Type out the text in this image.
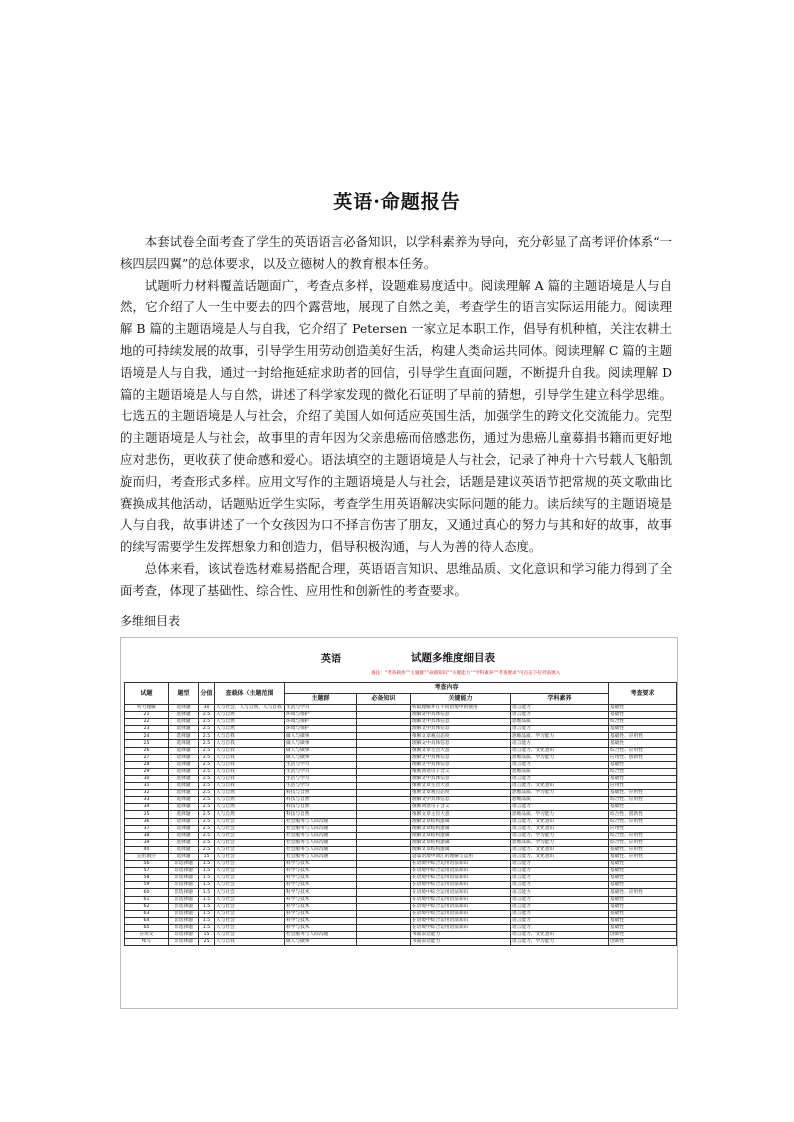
英语·命题报告

本套试卷全面考查了学生的英语语言必备知识，以学科素养为导向，充分彰显了高考评价体系“一核四层四翼”的总体要求，以及立德树人的教育根本任务。

试题听力材料覆盖话题面广，考查点多样，设题难易度适中。阅读理解 A 篇的主题语境是人与自然，它介绍了人一生中要去的四个露营地，展现了自然之美，考查学生的语言实际运用能力。阅读理解 B 篇的主题语境是人与自我，它介绍了 Petersen 一家立足本职工作，倡导有机种植，关注农耕土地的可持续发展的故事，引导学生用劳动创造美好生活，构建人类命运共同体。阅读理解 C 篇的主题语境是人与自我，通过一封给拖延症求助者的回信，引导学生直面问题，不断提升自我。阅读理解 D 篇的主题语境是人与自然，讲述了科学家发现的微化石证明了早前的猜想，引导学生建立科学思维。七选五的主题语境是人与社会，介绍了美国人如何适应英国生活，加强学生的跨文化交流能力。完型的主题语境是人与社会，故事里的青年因为父亲患癌而倍感悲伤，通过为患癌儿童募捐书籍而更好地应对悲伤，更收获了使命感和爱心。语法填空的主题语境是人与社会，记录了神舟十六号载人飞船凯旋而归，考查形式多样。应用文写作的主题语境是人与社会，话题是建议英语节把常规的英文歌曲比赛换成其他活动，话题贴近学生实际，考查学生用英语解决实际问题的能力。读后续写的主题语境是人与自我，故事讲述了一个女孩因为口不择言伤害了朋友，又通过真心的努力与其和好的故事，故事的续写需要学生发挥想象力和创造力，倡导积极沟通，与人为善的待人态度。

总体来看，该试卷选材难易搭配合理，英语语言知识、思维品质、文化意识和学习能力得到了全面考查，体现了基础性、综合性、应用性和创新性的考查要求。

多维细目表
英语	试题多维度细目表
备注：“考查载体”“主题群”“命题知识”“关键能力”“学科素养”“考查要求”可点击下拉列表填入
试题	题型	分值	查载体（主题范围	考查内容				考查要求
				主题群	必备知识	关键能力	学科素养	
听力理解	选择题	30	人与社会、人与自然、人与自我	生活与学习		听取理解并在不同语境中的使用	语言能力	基础性
21	选择题	2.5	人与自然	环境与保护		理解文中具体信息	语言能力	基础性
22	选择题	2.5	人与自然	环境与保护		理解文中具体信息	思维品质	综合性
23	选择题	2.5	人与自然	环境与保护		理解文中具体信息	语言能力	基础性
24	选择题	2.5	人与自我	做人与做事		推断文章观点态度	思维品质、学习能力	基础性、应用性
25	选择题	2.5	人与自我	做人与做事		理解文中具体信息	语言能力	基础性
26	选择题	2.5	人与自我	做人与做事		推断文章主旨大意	语言能力、文化意识	综合性、应用性
27	选择题	2.5	人与自我	做人与做事		理解文中具体信息	思维品质、学习能力	应用性、创新性
28	选择题	2.5	人与自我	生活与学习		理解文中具体信息	语言能力	基础性
29	选择题	2.5	人与自我	生活与学习		推断词语句子含义	思维品质	综合性
30	选择题	2.5	人与自我	生活与学习		理解文中具体信息	语言能力	基础性
31	选择题	2.5	人与自我	生活与学习		推断文章主旨大意	语言能力、文化意识	应用性
32	选择题	2.5	人与自然	科技与自然		推断文章观点态度	思维品质、学习能力	基础性、应用性
33	选择题	2.5	人与自然	科技与自然		理解文中具体信息	思维品质	综合性、应用性
34	选择题	2.5	人与自然	科技与自然		推断词语句子含义	语言能力	基础性
35	选择题	2.5	人与自然	科技与自然		推断文章主旨大意	思维品质、学习能力	综合性、创新性
36	选择题	2.5	人与社会	社会服务与人际沟通		理解文章结构逻辑	语言能力、文化意识	综合性、应用性
37	选择题	2.5	人与社会	社会服务与人际沟通		理解文章结构逻辑	语言能力、文化意识	应用性
38	选择题	2.5	人与社会	社会服务与人际沟通		理解文章结构逻辑	语言能力、学习能力	综合性、应用性
39	选择题	2.5	人与社会	社会服务与人际沟通		理解文章结构逻辑	思维品质、学习能力	综合性、应用性
40	选择题	2.5	人与社会	社会服务与人际沟通		理解文章结构逻辑	语言能力、文化意识	基础性、应用性
完形填空	选择题	15	人与社会	社会服务与人际沟通		语篇语境中词汇的理解与运用	语言能力、文化意识	基础性、应用性
56	非选择题	1.5	人与社会	科学与技术		在语境中综合运用语法知识	语言能力	基础性
57	非选择题	1.5	人与社会	科学与技术		在语境中综合运用语法知识	语言能力	基础性
58	非选择题	1.5	人与社会	科学与技术		在语境中综合运用语法知识	语言能力	基础性
59	非选择题	1.5	人与社会	科学与技术		在语境中综合运用语法知识	语言能力	基础性
60	非选择题	1.5	人与社会	科学与技术		在语境中综合运用语法知识	语言能力	基础性、应用性
61	非选择题	1.5	人与社会	科学与技术		在语境中综合运用语法知识	语言能力	基础性
62	非选择题	1.5	人与社会	科学与技术		在语境中综合运用语法知识	语言能力	基础性
63	非选择题	1.5	人与社会	科学与技术		在语境中综合运用语法知识	语言能力	基础性
64	非选择题	1.5	人与社会	科学与技术		在语境中综合运用语法知识	语言能力	基础性
65	非选择题	1.5	人与社会	科学与技术		在语境中综合运用语法知识	语言能力	基础性
应用文	非选择题	15	人与社会	社会服务与人际沟通		书面表达能力	语言能力、文化意识	创新性
续写	非选择题	25	人与自我	做人与做事		书面表达能力	语言能力、学习能力	创新性
